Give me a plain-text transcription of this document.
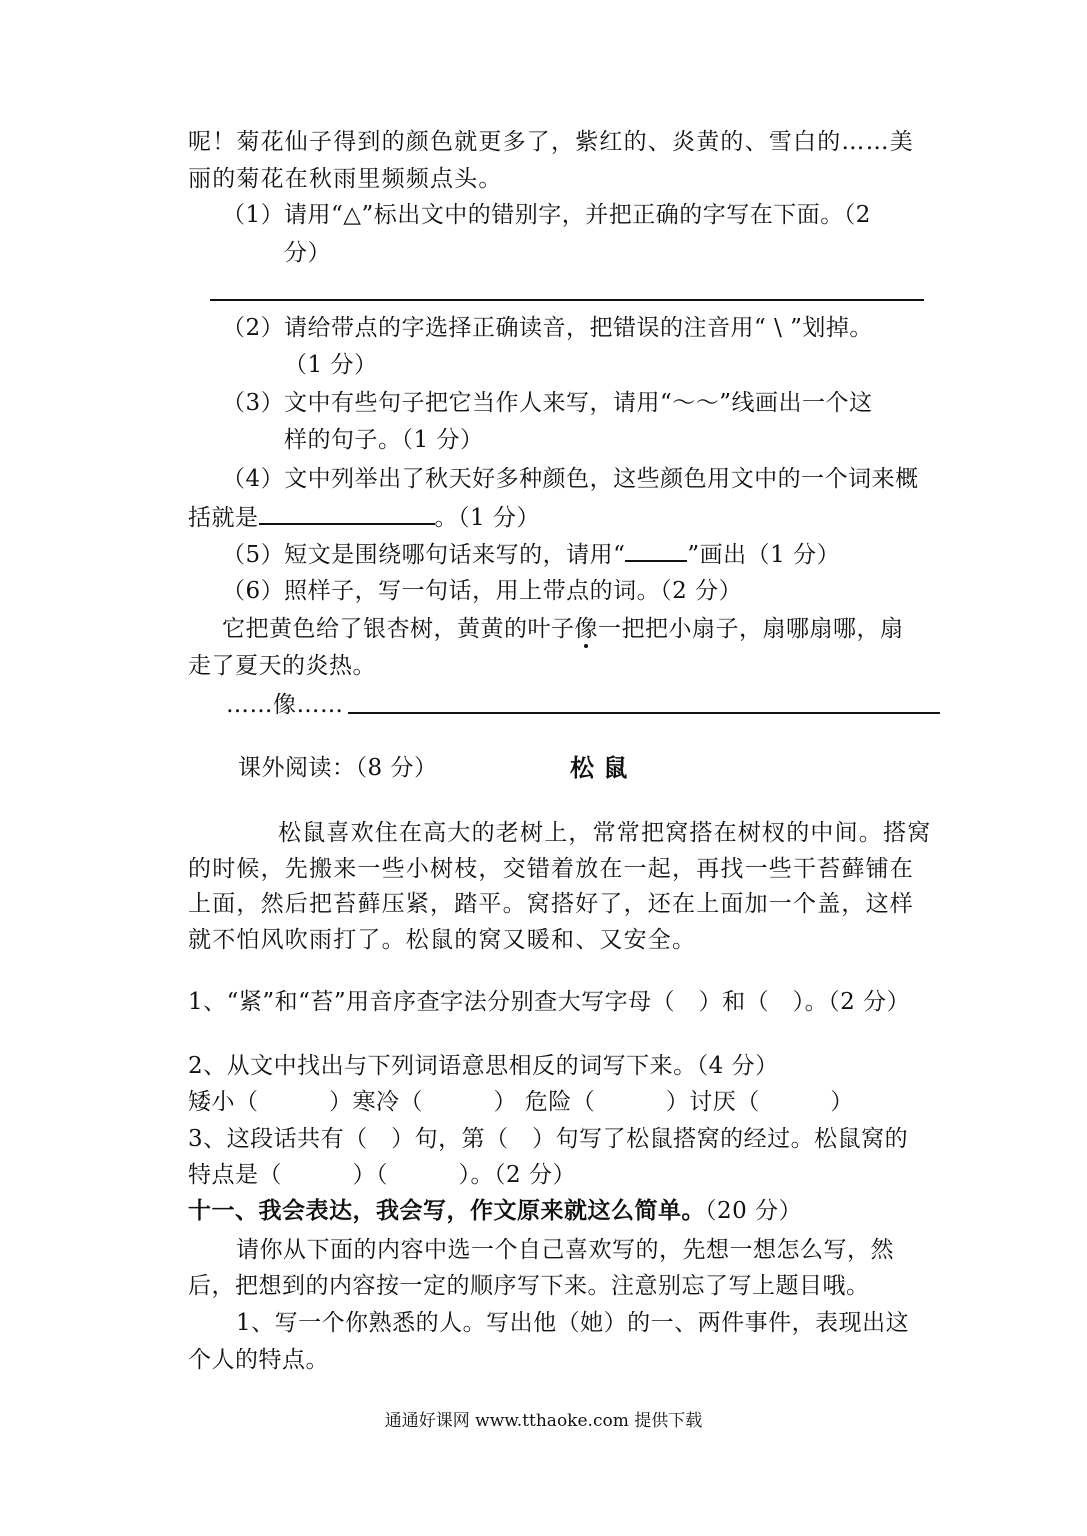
呢！菊花仙子得到的颜色就更多了，紫红的、炎黄的、雪白的……美
丽的菊花在秋雨里频频点头。
（1）请用“△”标出文中的错别字，并把正确的字写在下面。（2
分）
（2）请给带点的字选择正确读音，把错误的注音用“ \ ”划掉。
（1 分）
（3）文中有些句子把它当作人来写，请用“～～”线画出一个这
样的句子。（1 分）
（4）文中列举出了秋天好多种颜色，这些颜色用文中的一个词来概
括就是	。（1 分）
（5）短文是围绕哪句话来写的，请用“	”画出（1 分）
（6）照样子，写一句话，用上带点的词。（2 分）
它把黄色给了银杏树，黄黄的叶子像一把把小扇子，扇哪扇哪，扇
走了夏天的炎热。
……像……
课外阅读：（8 分）	松 鼠
松鼠喜欢住在高大的老树上，常常把窝搭在树杈的中间。搭窝
的时候，先搬来一些小树枝，交错着放在一起，再找一些干苔藓铺在
上面，然后把苔藓压紧，踏平。窝搭好了，还在上面加一个盖，这样
就不怕风吹雨打了。松鼠的窝又暖和、又安全。
1、“紧”和“苔”用音序查字法分别查大写字母（　）和（　）。（2 分）
2、从文中找出与下列词语意思相反的词写下来。（4 分）
矮小（　　　）寒冷（　　　） 危险（　　　）讨厌（　　　）
3、这段话共有（　）句，第（　）句写了松鼠搭窝的经过。松鼠窝的
特点是（　　　）（　　　）。（2 分）
十一、我会表达，我会写，作文原来就这么简单。（20 分）
请你从下面的内容中选一个自己喜欢写的，先想一想怎么写，然
后，把想到的内容按一定的顺序写下来。注意别忘了写上题目哦。
1、写一个你熟悉的人。写出他（她）的一、两件事件，表现出这
个人的特点。
通通好课网 www.tthaoke.com 提供下载
